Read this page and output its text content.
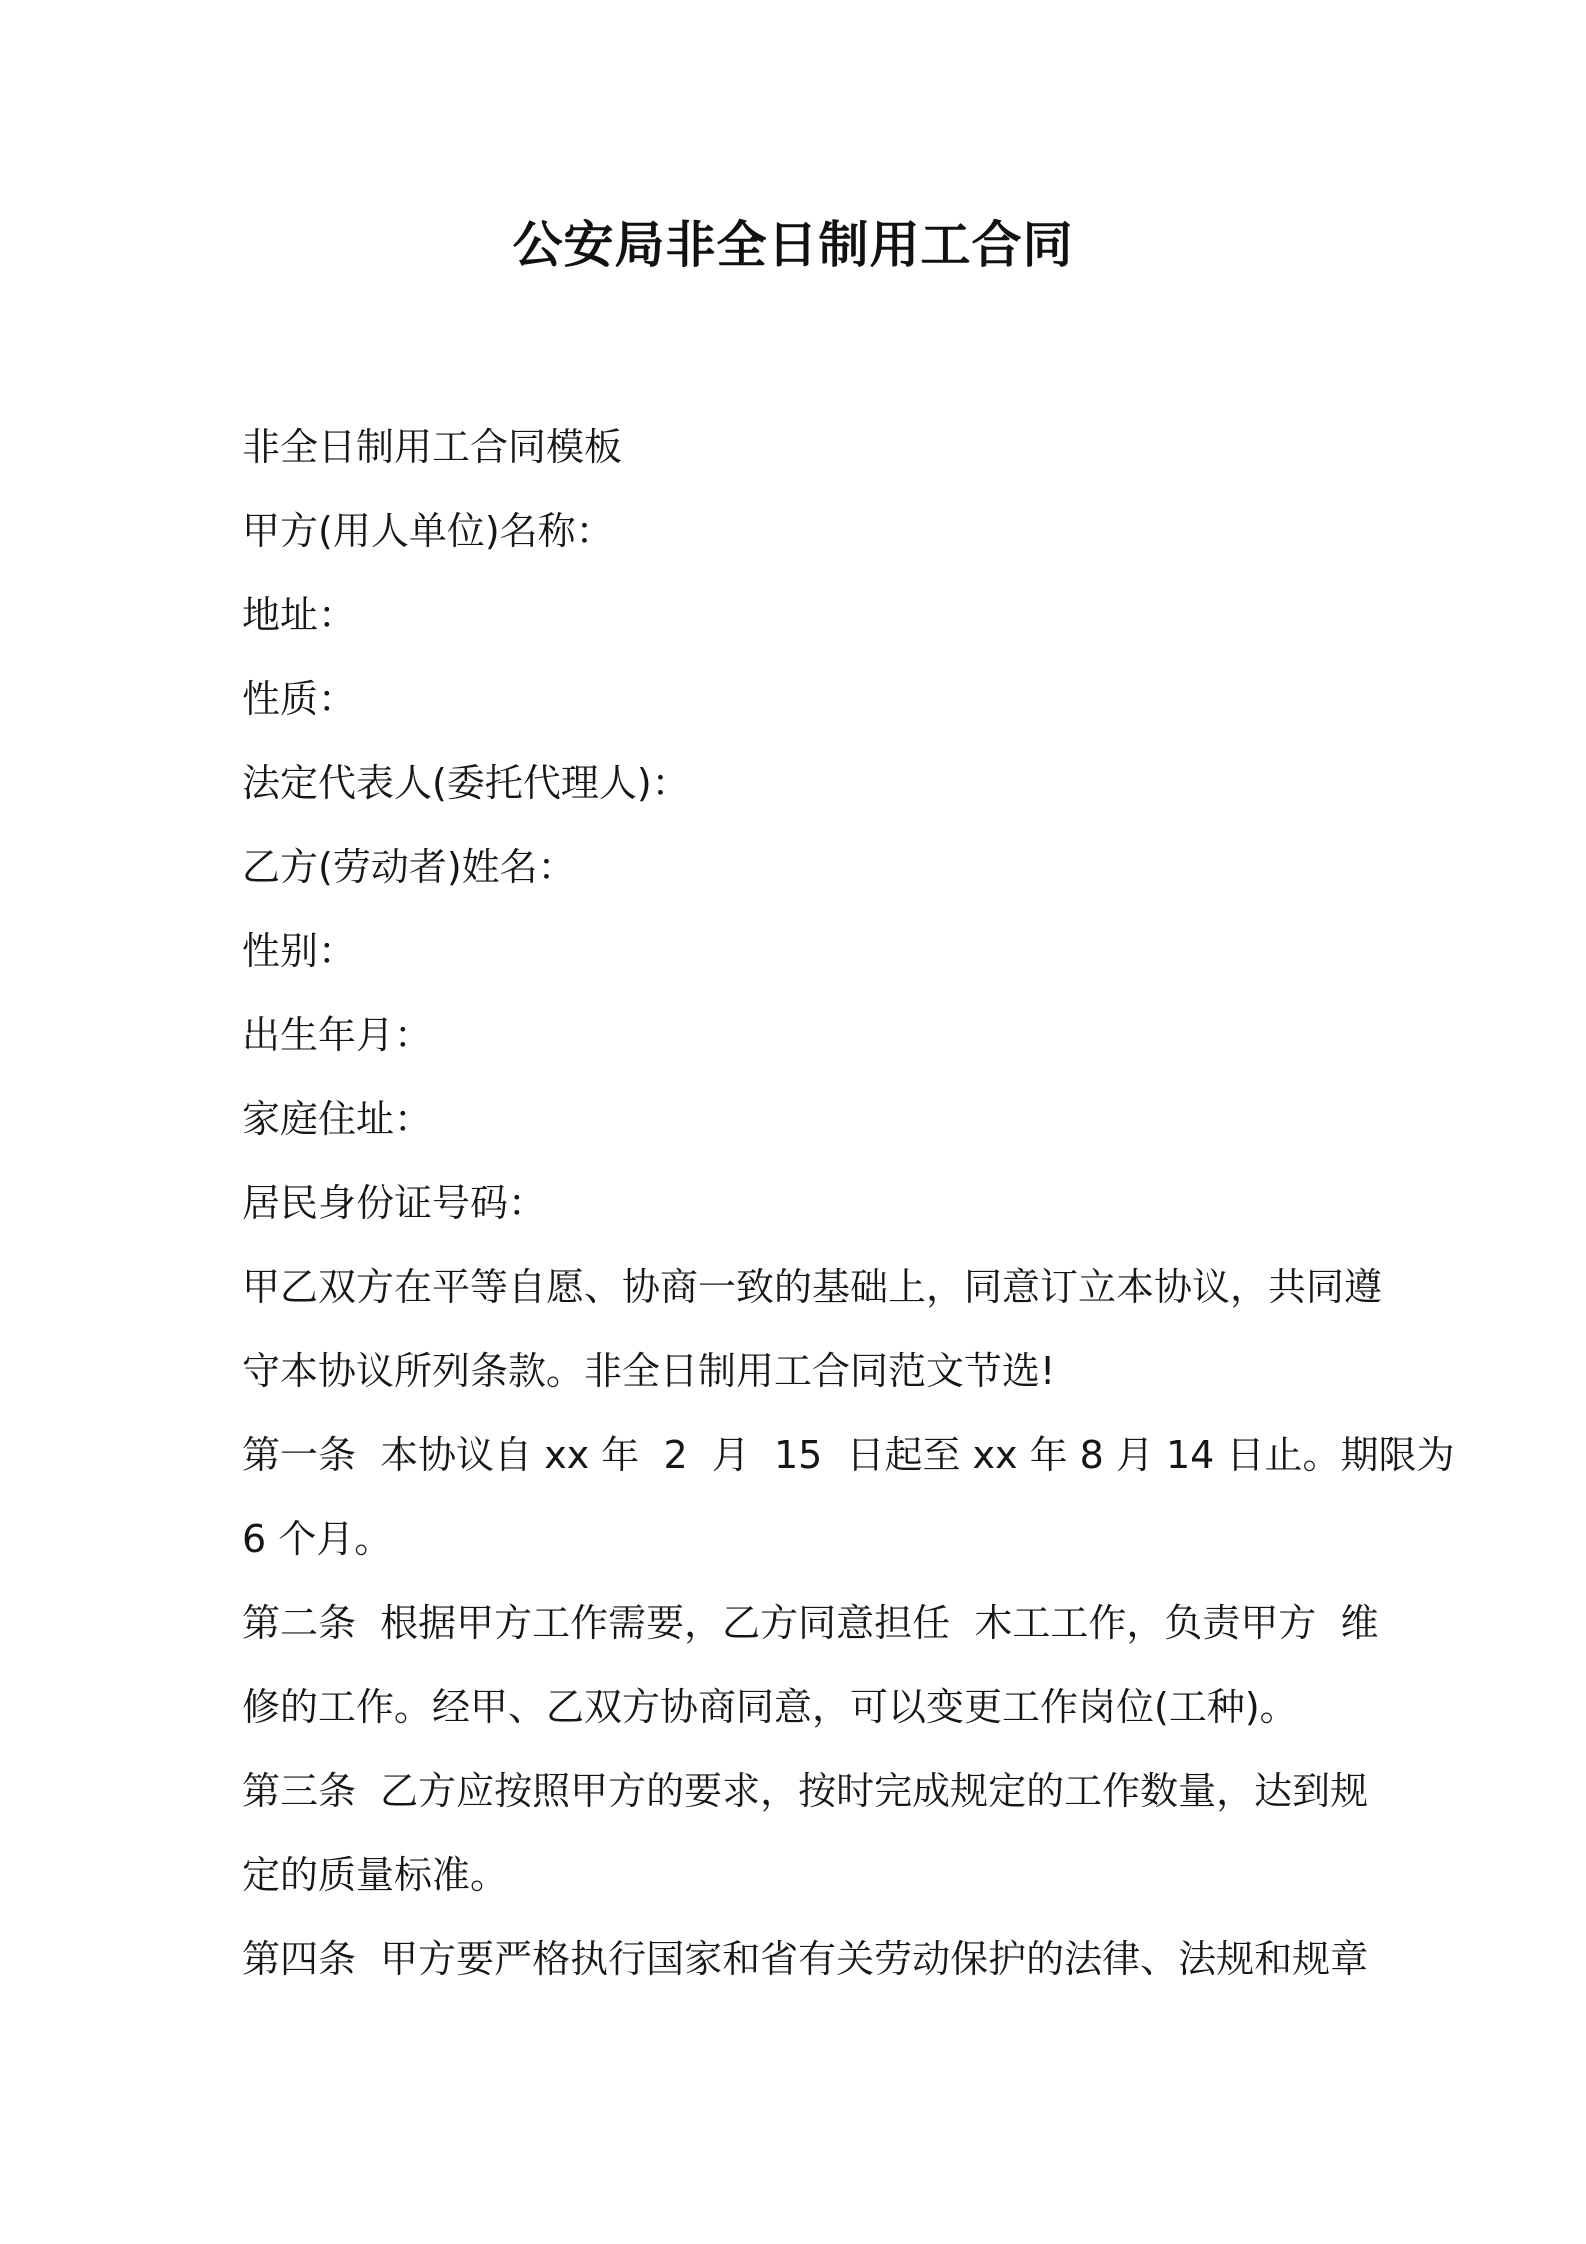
公安局非全日制用工合同
非全日制用工合同模板
甲方(用人单位)名称：
地址：
性质：
法定代表人(委托代理人)：
乙方(劳动者)姓名：
性别：
出生年月：
家庭住址：
居民身份证号码：
甲乙双方在平等自愿、协商一致的基础上，同意订立本协议，共同遵
守本协议所列条款。非全日制用工合同范文节选!
第一条  本协议自 xx 年  2  月  15  日起至 xx 年 8 月 14 日止。期限为
6 个月。
第二条  根据甲方工作需要，乙方同意担任  木工工作，负责甲方  维
修的工作。经甲、乙双方协商同意，可以变更工作岗位(工种)。
第三条  乙方应按照甲方的要求，按时完成规定的工作数量，达到规
定的质量标准。
第四条  甲方要严格执行国家和省有关劳动保护的法律、法规和规章
